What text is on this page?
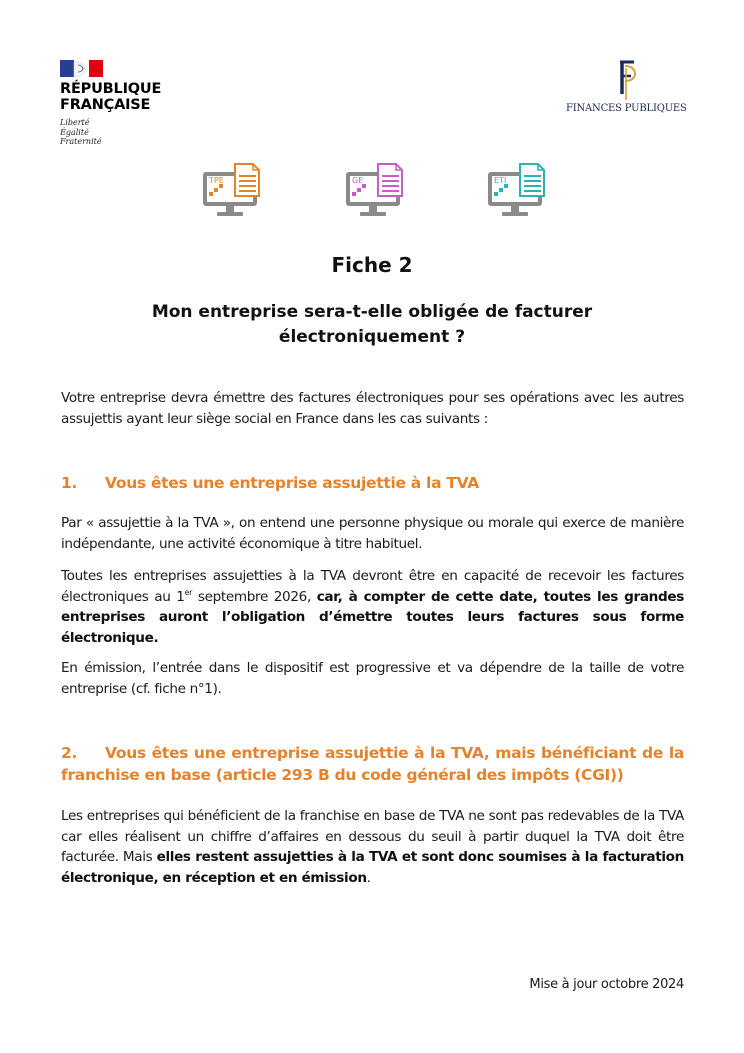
RÉPUBLIQUE
FRANÇAISE
Liberté
Égalité
Fraternité
FINANCES PUBLIQUES
TPE	GE	ETI
Fiche 2
Mon entreprise sera-t-elle obligée de facturer électroniquement ?
Votre entreprise devra émettre des factures électroniques pour ses opérations avec les autres assujettis ayant leur siège social en France dans les cas suivants :
1. Vous êtes une entreprise assujettie à la TVA
Par « assujettie à la TVA », on entend une personne physique ou morale qui exerce de manière indépendante, une activité économique à titre habituel.
Toutes les entreprises assujetties à la TVA devront être en capacité de recevoir les factures électroniques au 1er septembre 2026, car, à compter de cette date, toutes les grandes entreprises auront l’obligation d’émettre toutes leurs factures sous forme électronique.
En émission, l’entrée dans le dispositif est progressive et va dépendre de la taille de votre entreprise (cf. fiche n°1).
2. Vous êtes une entreprise assujettie à la TVA, mais bénéficiant de la franchise en base (article 293 B du code général des impôts (CGI))
Les entreprises qui bénéficient de la franchise en base de TVA ne sont pas redevables de la TVA car elles réalisent un chiffre d’affaires en dessous du seuil à partir duquel la TVA doit être facturée. Mais elles restent assujetties à la TVA et sont donc soumises à la facturation électronique, en réception et en émission.
Mise à jour octobre 2024
